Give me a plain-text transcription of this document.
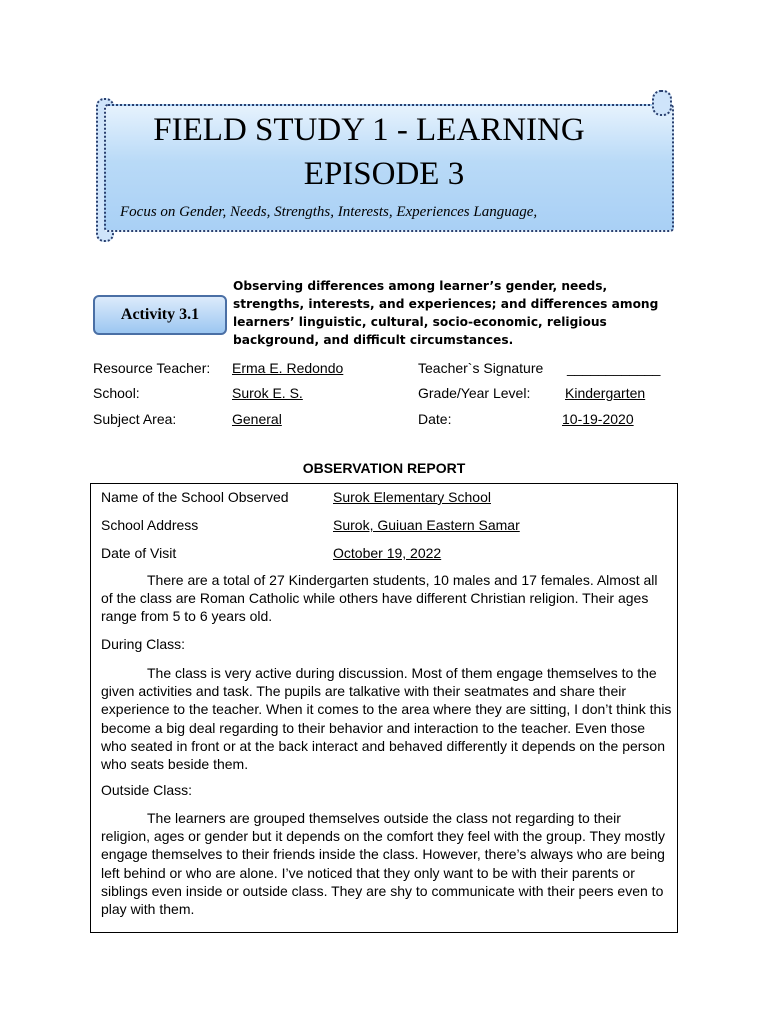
FIELD STUDY 1 - LEARNING
EPISODE 3
Focus on Gender, Needs, Strengths, Interests, Experiences Language,
Activity 3.1
Observing differences among learner’s gender, needs, strengths, interests, and experiences; and differences among learners’ linguistic, cultural, socio-economic, religious background, and difficult circumstances.
Resource Teacher: Erma E. Redondo	Teacher`s Signature ____________
School:	Surok E. S.	Grade/Year Level: Kindergarten
Subject Area:	General	Date:	10-19-2020
OBSERVATION REPORT
Name of the School Observed	Surok Elementary School
School Address	Surok, Guiuan Eastern Samar
Date of Visit	October 19, 2022
There are a total of 27 Kindergarten students, 10 males and 17 females. Almost all of the class are Roman Catholic while others have different Christian religion. Their ages range from 5 to 6 years old.
During Class:
The class is very active during discussion. Most of them engage themselves to the given activities and task. The pupils are talkative with their seatmates and share their experience to the teacher. When it comes to the area where they are sitting, I don’t think this become a big deal regarding to their behavior and interaction to the teacher. Even those who seated in front or at the back interact and behaved differently it depends on the person who seats beside them.
Outside Class:
The learners are grouped themselves outside the class not regarding to their religion, ages or gender but it depends on the comfort they feel with the group. They mostly engage themselves to their friends inside the class. However, there’s always who are being left behind or who are alone. I’ve noticed that they only want to be with their parents or siblings even inside or outside class. They are shy to communicate with their peers even to play with them.
